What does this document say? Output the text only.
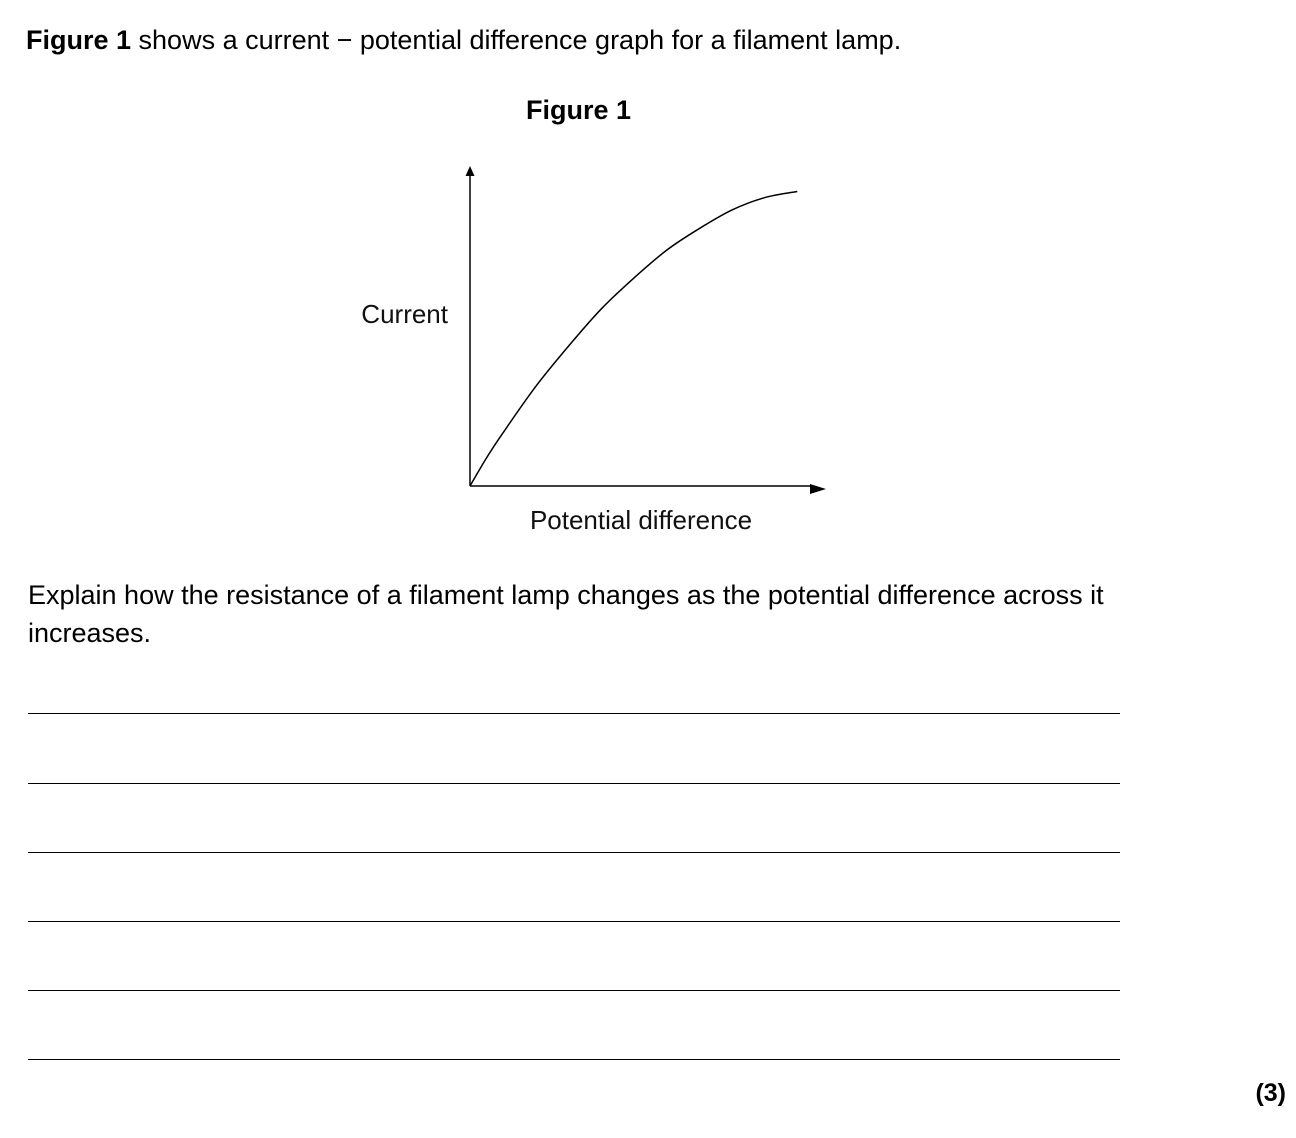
Figure 1 shows a current − potential difference graph for a filament lamp.
Figure 1
Current
Potential difference
Explain how the resistance of a filament lamp changes as the potential difference across it increases.
(3)
